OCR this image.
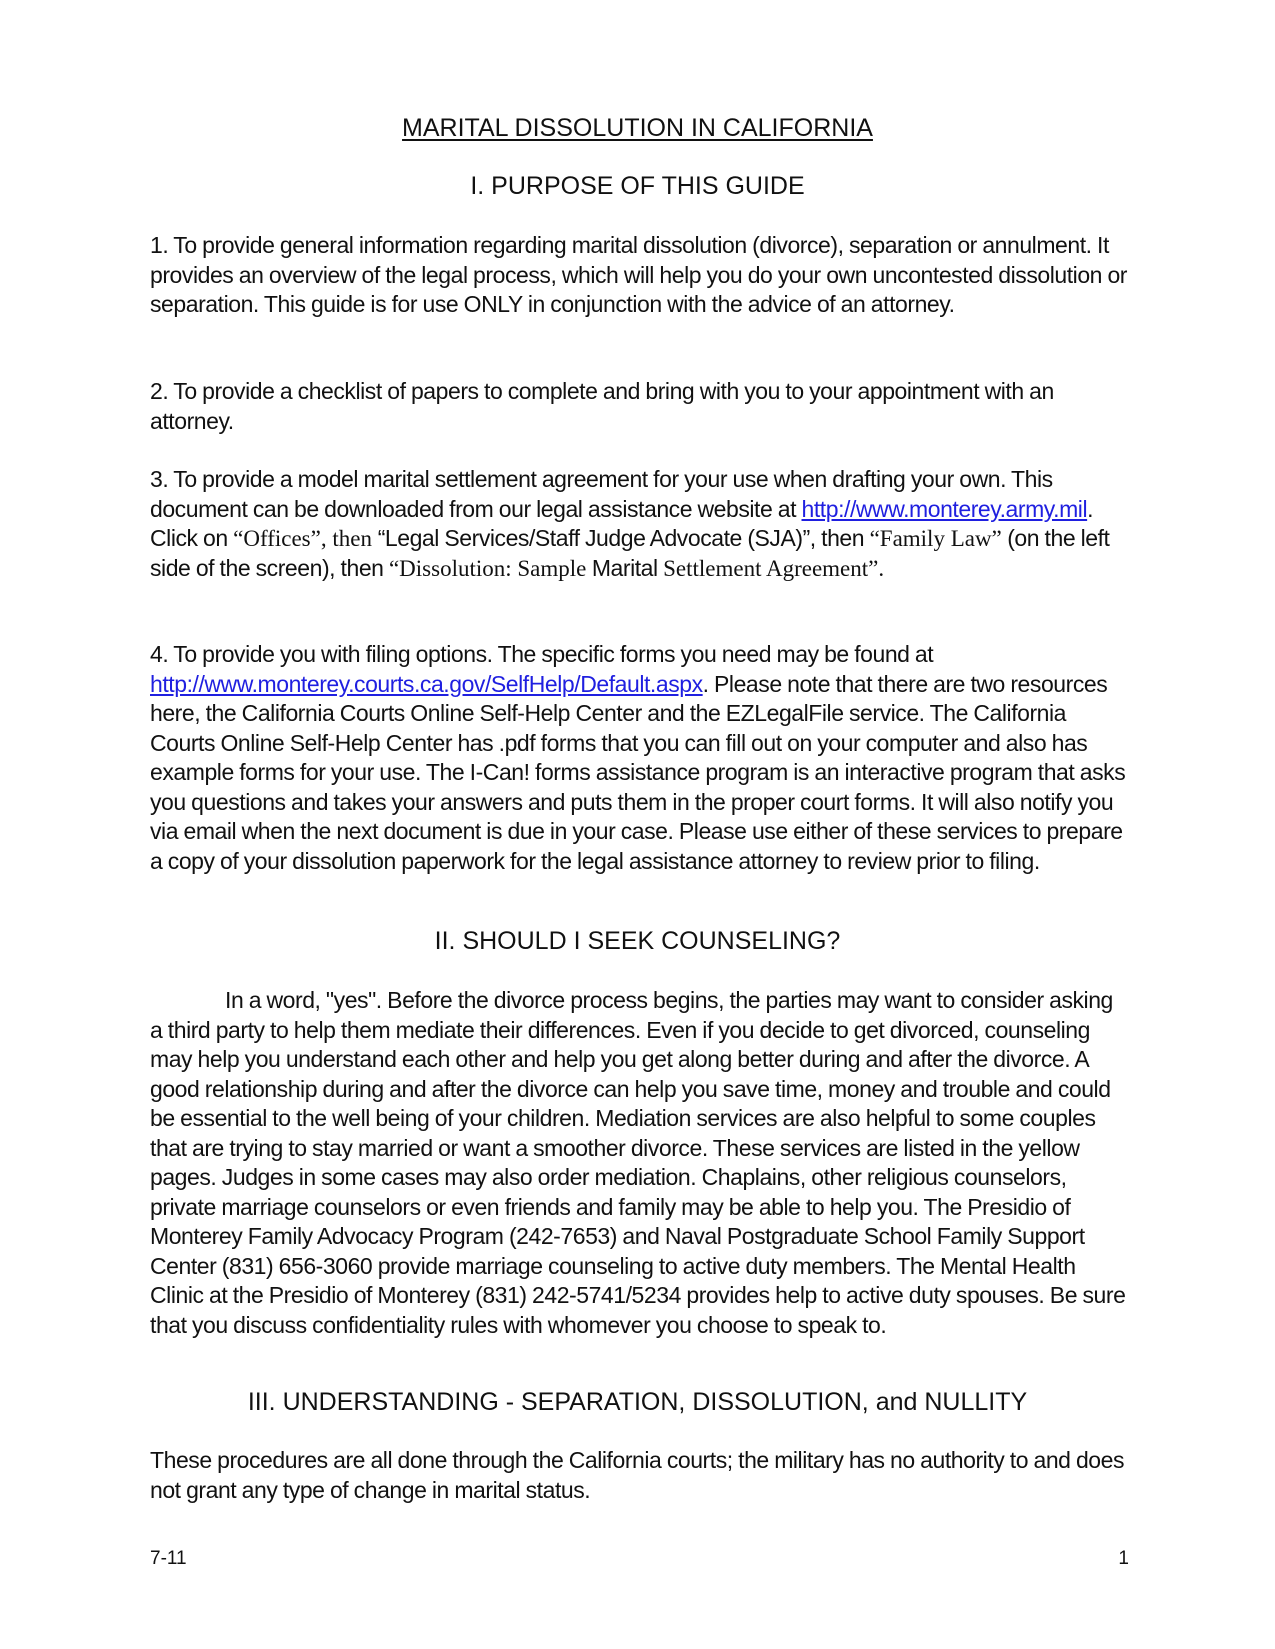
MARITAL DISSOLUTION IN CALIFORNIA
I. PURPOSE OF THIS GUIDE

1. To provide general information regarding marital dissolution (divorce), separation or annulment. It provides an overview of the legal process, which will help you do your own uncontested dissolution or separation. This guide is for use ONLY in conjunction with the advice of an attorney.

2. To provide a checklist of papers to complete and bring with you to your appointment with an attorney.

3. To provide a model marital settlement agreement for your use when drafting your own. This document can be downloaded from our legal assistance website at http://www.monterey.army.mil. Click on “Offices”, then “Legal Services/Staff Judge Advocate (SJA)”, then “Family Law” (on the left side of the screen), then “Dissolution: Sample Marital Settlement Agreement”.

4. To provide you with filing options. The specific forms you need may be found at http://www.monterey.courts.ca.gov/SelfHelp/Default.aspx. Please note that there are two resources here, the California Courts Online Self-Help Center and the EZLegalFile service. The California Courts Online Self-Help Center has .pdf forms that you can fill out on your computer and also has example forms for your use. The I-Can! forms assistance program is an interactive program that asks you questions and takes your answers and puts them in the proper court forms. It will also notify you via email when the next document is due in your case. Please use either of these services to prepare a copy of your dissolution paperwork for the legal assistance attorney to review prior to filing.

II. SHOULD I SEEK COUNSELING?

In a word, "yes". Before the divorce process begins, the parties may want to consider asking a third party to help them mediate their differences. Even if you decide to get divorced, counseling may help you understand each other and help you get along better during and after the divorce. A good relationship during and after the divorce can help you save time, money and trouble and could be essential to the well being of your children. Mediation services are also helpful to some couples that are trying to stay married or want a smoother divorce. These services are listed in the yellow pages. Judges in some cases may also order mediation. Chaplains, other religious counselors, private marriage counselors or even friends and family may be able to help you. The Presidio of Monterey Family Advocacy Program (242-7653) and Naval Postgraduate School Family Support Center (831) 656-3060 provide marriage counseling to active duty members. The Mental Health Clinic at the Presidio of Monterey (831) 242-5741/5234 provides help to active duty spouses. Be sure that you discuss confidentiality rules with whomever you choose to speak to.

III. UNDERSTANDING - SEPARATION, DISSOLUTION, and NULLITY

These procedures are all done through the California courts; the military has no authority to and does not grant any type of change in marital status.

7-11	1
